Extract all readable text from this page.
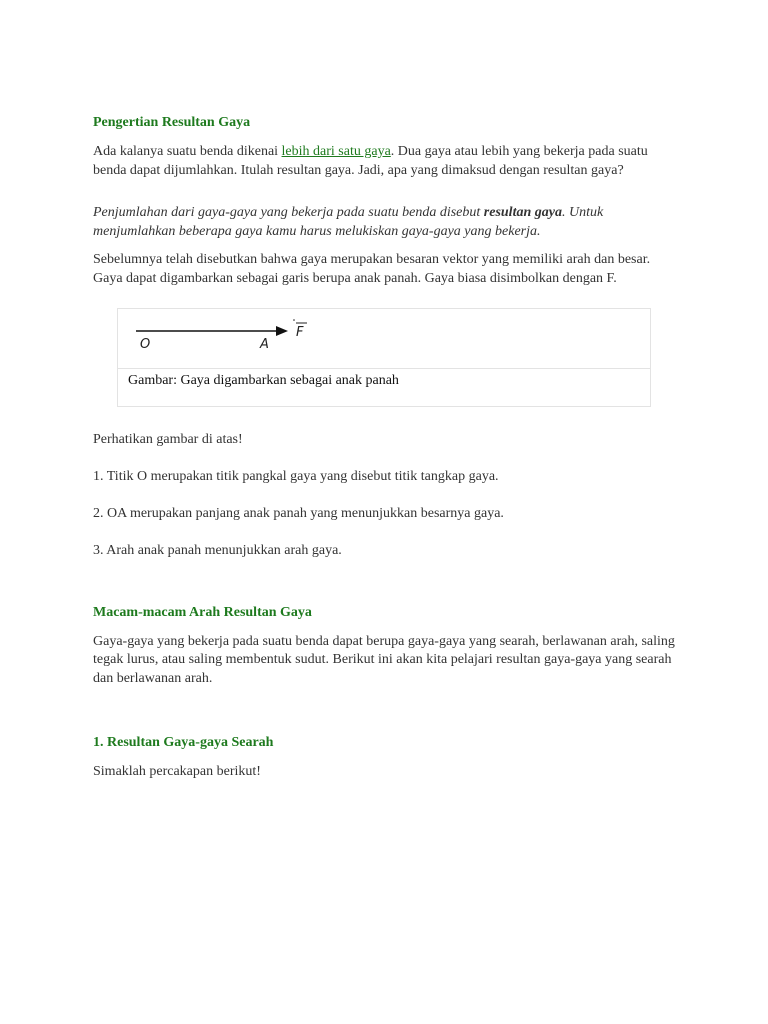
Pengertian Resultan Gaya

Ada kalanya suatu benda dikenai lebih dari satu gaya. Dua gaya atau lebih yang bekerja pada suatu benda dapat dijumlahkan. Itulah resultan gaya. Jadi, apa yang dimaksud dengan resultan gaya?

Penjumlahan dari gaya-gaya yang bekerja pada suatu benda disebut resultan gaya. Untuk menjumlahkan beberapa gaya kamu harus melukiskan gaya-gaya yang bekerja.

Sebelumnya telah disebutkan bahwa gaya merupakan besaran vektor yang memiliki arah dan besar. Gaya dapat digambarkan sebagai garis berupa anak panah. Gaya biasa disimbolkan dengan F.

O	A
F
Gambar: Gaya digambarkan sebagai anak panah

Perhatikan gambar di atas!

1. Titik O merupakan titik pangkal gaya yang disebut titik tangkap gaya.

2. OA merupakan panjang anak panah yang menunjukkan besarnya gaya.

3. Arah anak panah menunjukkan arah gaya.

Macam-macam Arah Resultan Gaya

Gaya-gaya yang bekerja pada suatu benda dapat berupa gaya-gaya yang searah, berlawanan arah, saling tegak lurus, atau saling membentuk sudut. Berikut ini akan kita pelajari resultan gaya-gaya yang searah dan berlawanan arah.

1. Resultan Gaya-gaya Searah

Simaklah percakapan berikut!
